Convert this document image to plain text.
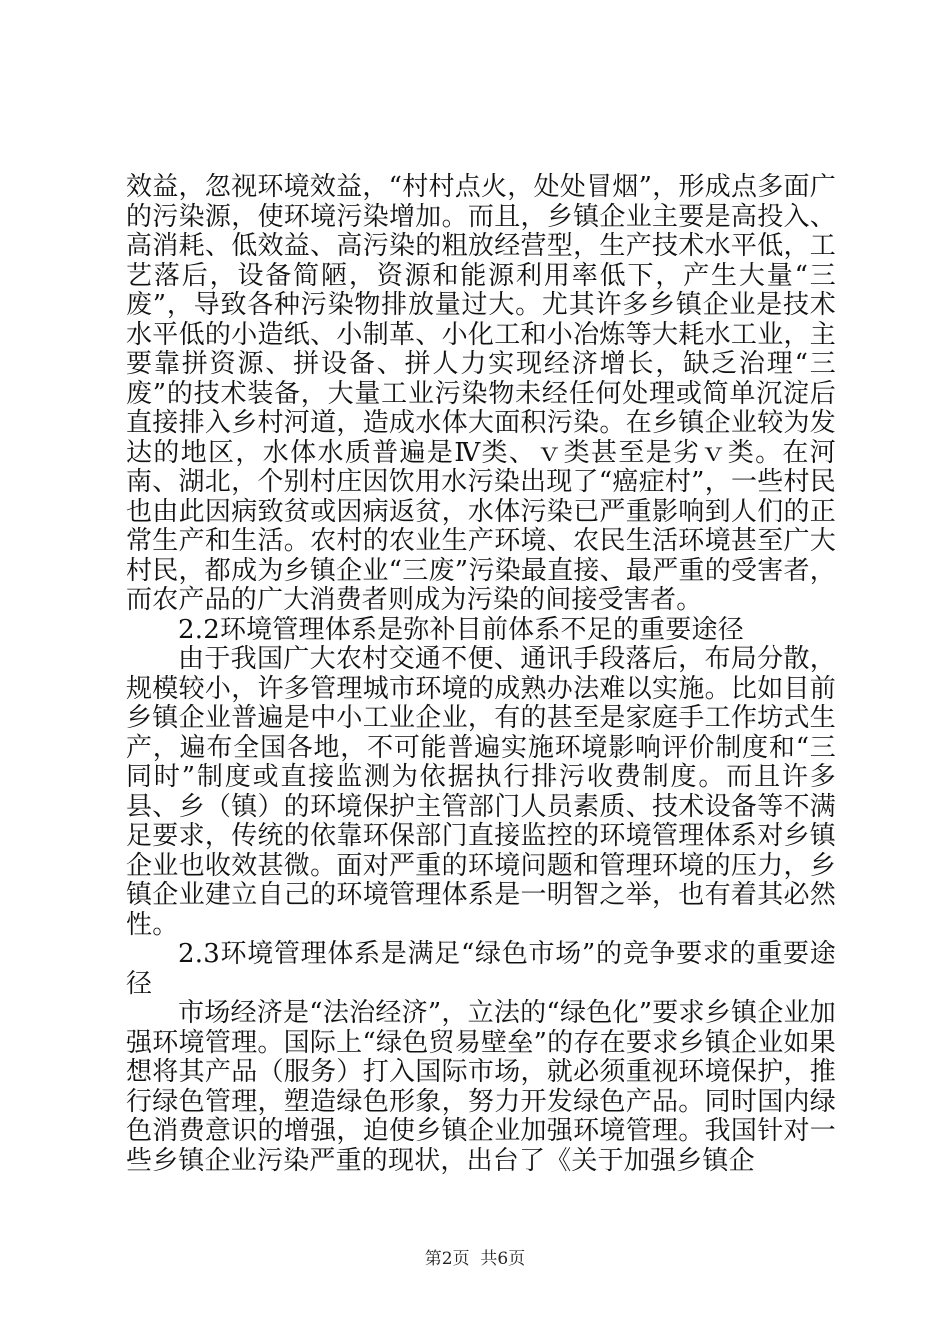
效益，忽视环境效益，“村村点火，处处冒烟”，形成点多面广的污染源，使环境污染增加。而且，乡镇企业主要是高投入、高消耗、低效益、高污染的粗放经营型，生产技术水平低，工艺落后，设备简陋，资源和能源利用率低下，产生大量“三废”，导致各种污染物排放量过大。尤其许多乡镇企业是技术水平低的小造纸、小制革、小化工和小冶炼等大耗水工业，主要靠拼资源、拼设备、拼人力实现经济增长，缺乏治理“三废”的技术装备，大量工业污染物未经任何处理或简单沉淀后直接排入乡村河道，造成水体大面积污染。在乡镇企业较为发达的地区，水体水质普遍是Ⅳ类、ｖ类甚至是劣ｖ类。在河南、湖北，个别村庄因饮用水污染出现了“癌症村”，一些村民也由此因病致贫或因病返贫，水体污染已严重影响到人们的正常生产和生活。农村的农业生产环境、农民生活环境甚至广大村民，都成为乡镇企业“三废”污染最直接、最严重的受害者，而农产品的广大消费者则成为污染的间接受害者。

2.2环境管理体系是弥补目前体系不足的重要途径

由于我国广大农村交通不便、通讯手段落后，布局分散，规模较小，许多管理城市环境的成熟办法难以实施。比如目前乡镇企业普遍是中小工业企业，有的甚至是家庭手工作坊式生产，遍布全国各地，不可能普遍实施环境影响评价制度和“三同时”制度或直接监测为依据执行排污收费制度。而且许多县、乡（镇）的环境保护主管部门人员素质、技术设备等不满足要求，传统的依靠环保部门直接监控的环境管理体系对乡镇企业也收效甚微。面对严重的环境问题和管理环境的压力，乡镇企业建立自己的环境管理体系是一明智之举，也有着其必然性。

2.3环境管理体系是满足“绿色市场”的竞争要求的重要途径

市场经济是“法治经济”，立法的“绿色化”要求乡镇企业加强环境管理。国际上“绿色贸易壁垒”的存在要求乡镇企业如果想将其产品（服务）打入国际市场，就必须重视环境保护，推行绿色管理，塑造绿色形象，努力开发绿色产品。同时国内绿色消费意识的增强，迫使乡镇企业加强环境管理。我国针对一些乡镇企业污染严重的现状，出台了《关于加强乡镇企

第2页 共6页
